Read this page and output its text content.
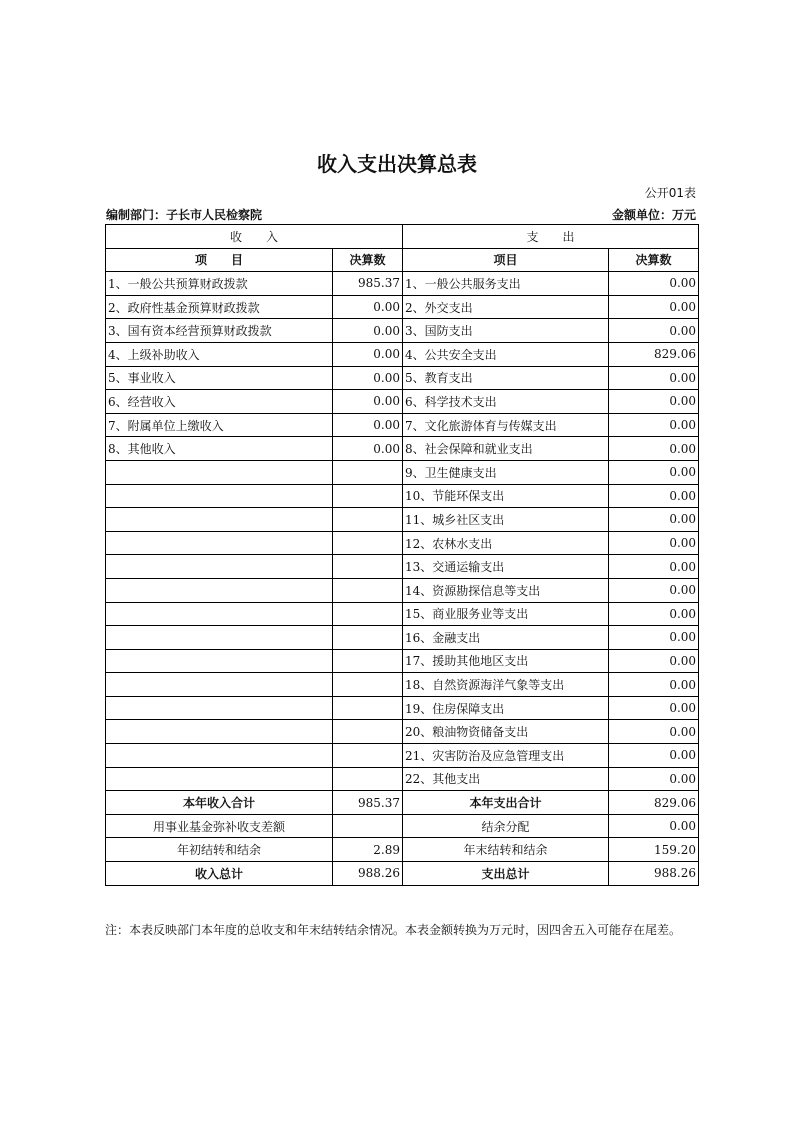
收入支出决算总表
公开01表
编制部门：子长市人民检察院	金额单位：万元
收　　入		支　　出	
项　　目	决算数	项目	决算数
1、一般公共预算财政拨款	985.37	1、一般公共服务支出	0.00
2、政府性基金预算财政拨款	0.00	2、外交支出	0.00
3、国有资本经营预算财政拨款	0.00	3、国防支出	0.00
4、上级补助收入	0.00	4、公共安全支出	829.06
5、事业收入	0.00	5、教育支出	0.00
6、经营收入	0.00	6、科学技术支出	0.00
7、附属单位上缴收入	0.00	7、文化旅游体育与传媒支出	0.00
8、其他收入	0.00	8、社会保障和就业支出	0.00
		9、卫生健康支出	0.00
		10、节能环保支出	0.00
		11、城乡社区支出	0.00
		12、农林水支出	0.00
		13、交通运输支出	0.00
		14、资源勘探信息等支出	0.00
		15、商业服务业等支出	0.00
		16、金融支出	0.00
		17、援助其他地区支出	0.00
		18、自然资源海洋气象等支出	0.00
		19、住房保障支出	0.00
		20、粮油物资储备支出	0.00
		21、灾害防治及应急管理支出	0.00
		22、其他支出	0.00
本年收入合计	985.37	本年支出合计	829.06
用事业基金弥补收支差额		结余分配	0.00
年初结转和结余	2.89	年末结转和结余	159.20
收入总计	988.26	支出总计	988.26
注：本表反映部门本年度的总收支和年末结转结余情况。本表金额转换为万元时，因四舍五入可能存在尾差。
